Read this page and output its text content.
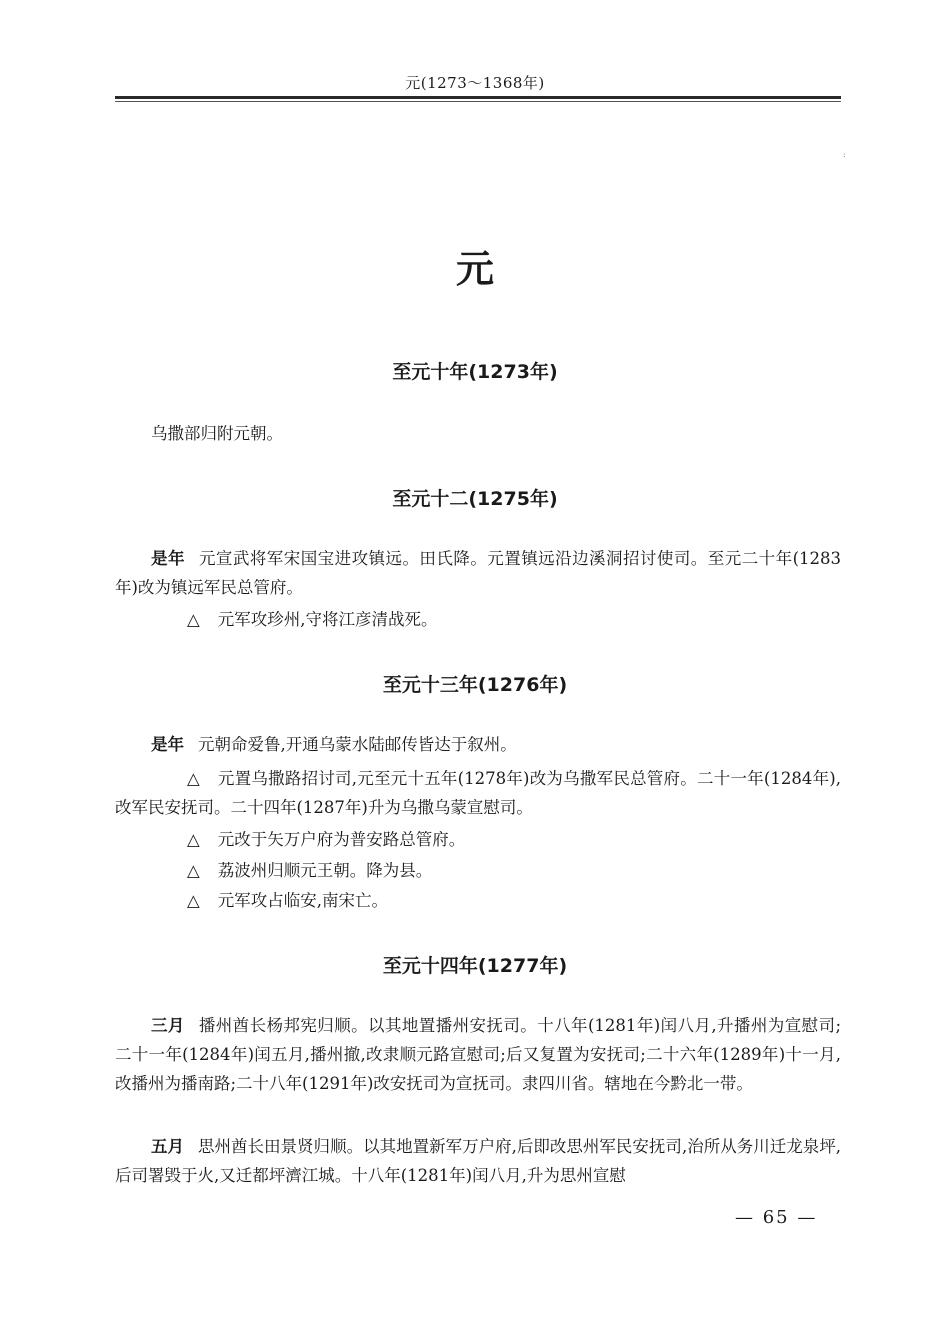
元(1273～1368年)
:
元
至元十年(1273年)
乌撒部归附元朝。
至元十二(1275年)
是年 元宣武将军宋国宝进攻镇远。田氏降。元置镇远沿边溪洞招讨使司。至元二十年(1283年)改为镇远军民总管府。
△ 元军攻珍州,守将江彦清战死。
至元十三年(1276年)
是年 元朝命爱鲁,开通乌蒙水陆邮传皆达于叙州。
△ 元置乌撒路招讨司,元至元十五年(1278年)改为乌撒军民总管府。二十一年(1284年),改军民安抚司。二十四年(1287年)升为乌撒乌蒙宣慰司。
△ 元改于矢万户府为普安路总管府。
△ 荔波州归顺元王朝。降为县。
△ 元军攻占临安,南宋亡。
至元十四年(1277年)
三月 播州酋长杨邦宪归顺。以其地置播州安抚司。十八年(1281年)闰八月,升播州为宣慰司;二十一年(1284年)闰五月,播州撤,改隶顺元路宣慰司;后又复置为安抚司;二十六年(1289年)十一月,改播州为播南路;二十八年(1291年)改安抚司为宣抚司。隶四川省。辖地在今黔北一带。
五月 思州酋长田景贤归顺。以其地置新军万户府,后即改思州军民安抚司,治所从务川迁龙泉坪,后司署毁于火,又迁都坪濟江城。十八年(1281年)闰八月,升为思州宣慰
— 65 —
